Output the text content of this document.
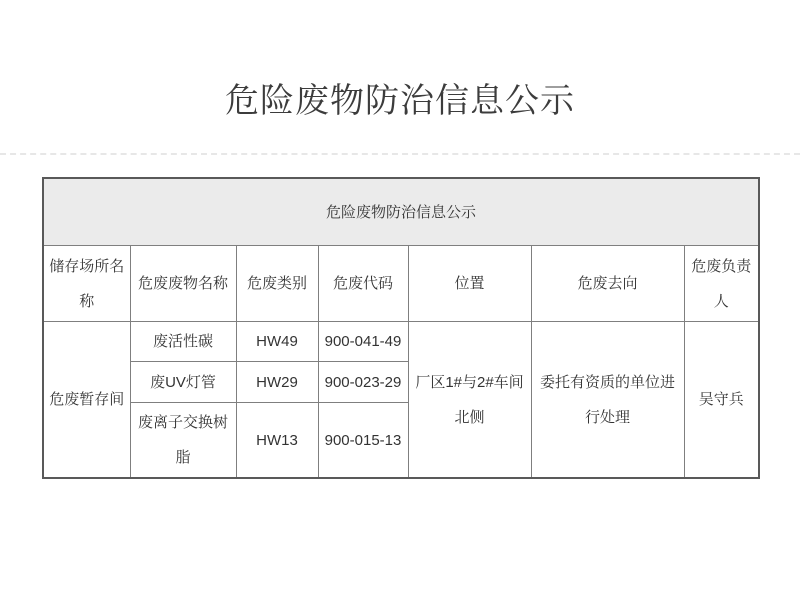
危险废物防治信息公示
危险废物防治信息公示						
储存场所名称	危废废物名称	危废类别	危废代码	位置	危废去向	危废负责人
危废暂存间	废活性碳	HW49	900-041-49	厂区1#与2#车间北侧	委托有资质的单位进行处理	吴守兵
	废UV灯管	HW29	900-023-29			
	废离子交换树脂	HW13	900-015-13			
